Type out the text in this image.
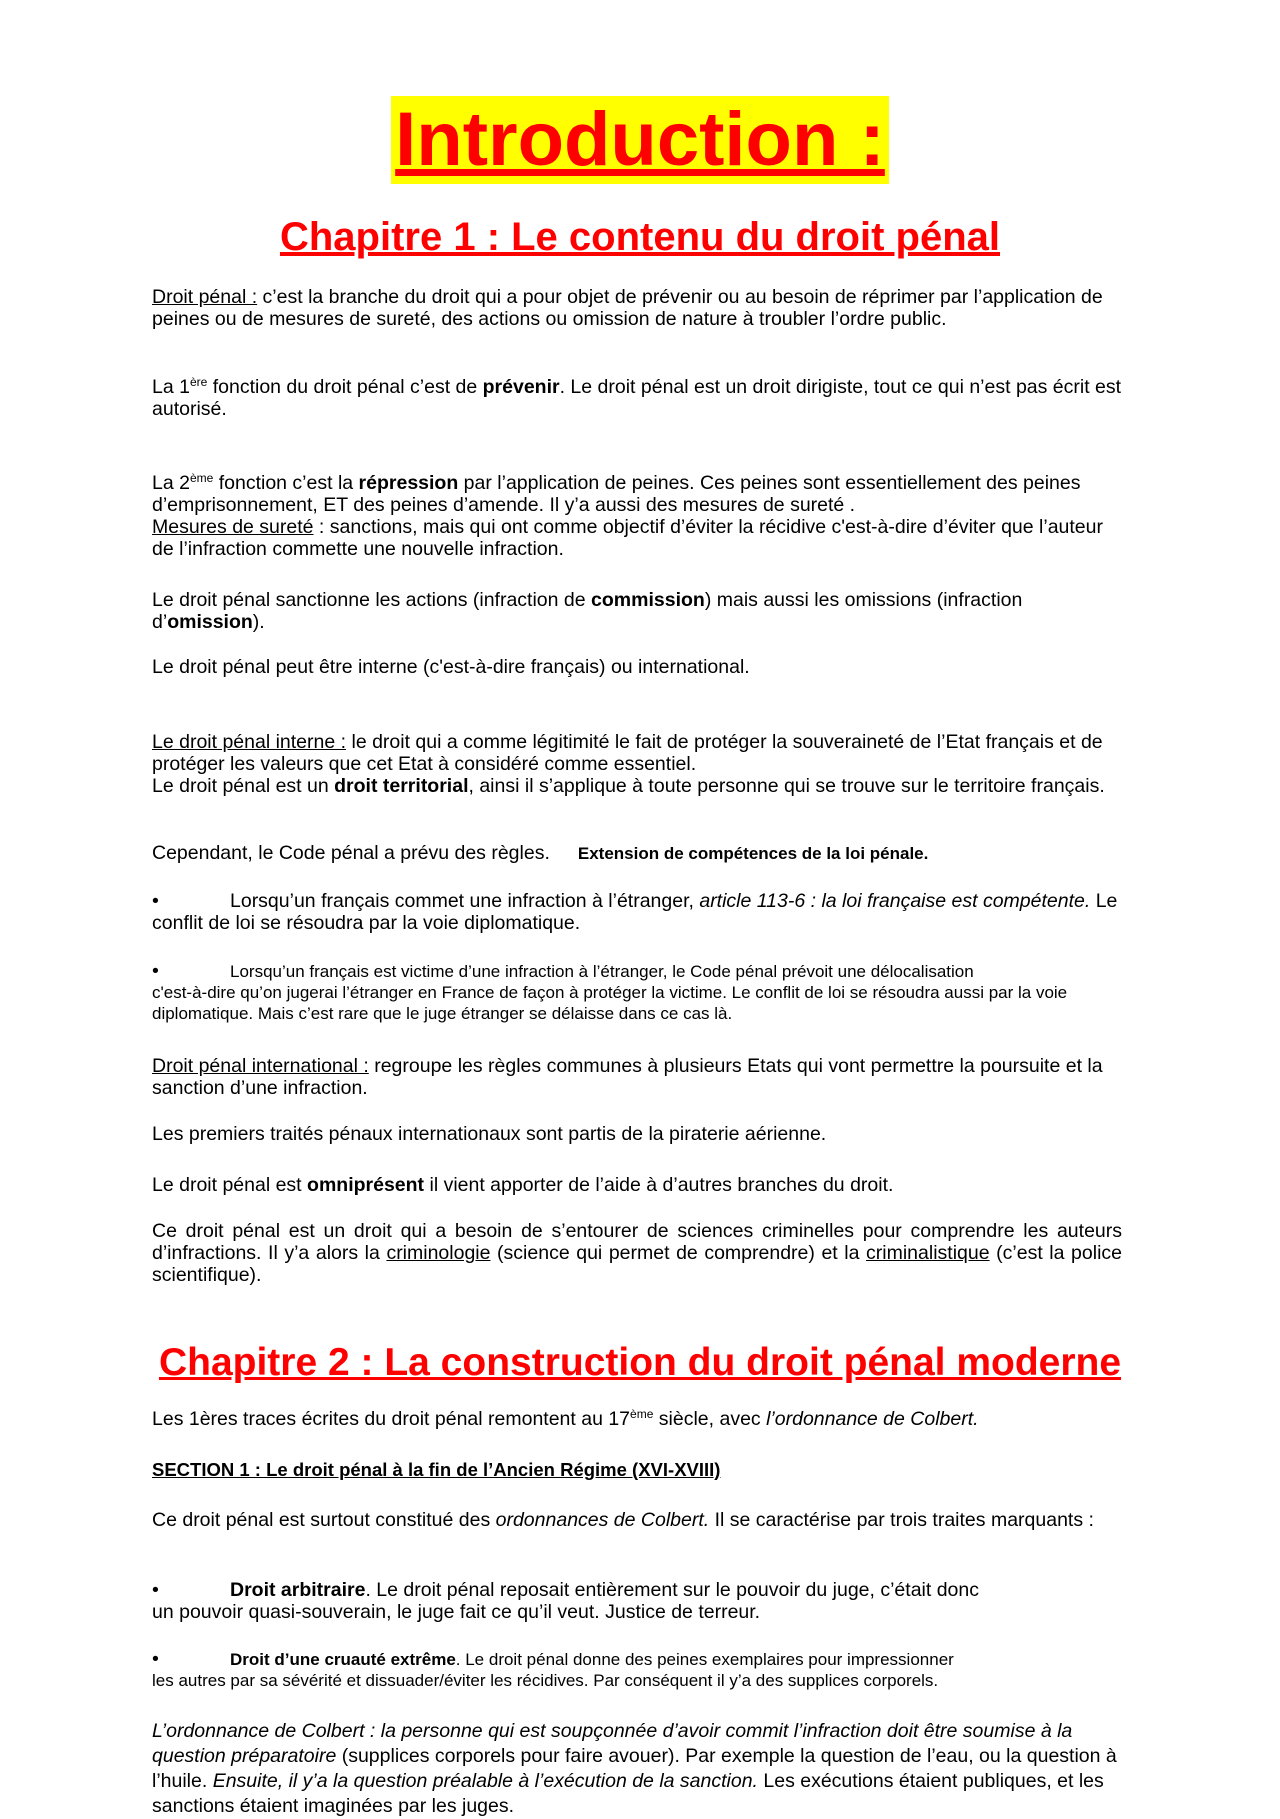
Introduction :
Chapitre 1 : Le contenu du droit pénal
Droit pénal : c’est la branche du droit qui a pour objet de prévenir ou au besoin de réprimer par l’application de peines ou de mesures de sureté, des actions ou omission de nature à troubler l’ordre public.
La 1ère fonction du droit pénal c’est de prévenir. Le droit pénal est un droit dirigiste, tout ce qui n’est pas écrit est autorisé.
La 2ème fonction c’est la répression par l’application de peines. Ces peines sont essentiellement des peines d’emprisonnement, ET des peines d’amende. Il y’a aussi des mesures de sureté .
Mesures de sureté : sanctions, mais qui ont comme objectif d’éviter la récidive c'est-à-dire d’éviter que l’auteur de l’infraction commette une nouvelle infraction.
Le droit pénal sanctionne les actions (infraction de commission) mais aussi les omissions (infraction d’omission).
Le droit pénal peut être interne (c'est-à-dire français) ou international.
Le droit pénal interne : le droit qui a comme légitimité le fait de protéger la souveraineté de l’Etat français et de protéger les valeurs que cet Etat à considéré comme essentiel.
Le droit pénal est un droit territorial, ainsi il s’applique à toute personne qui se trouve sur le territoire français.
Cependant, le Code pénal a prévu des règles. Extension de compétences de la loi pénale.
•	Lorsqu’un français commet une infraction à l’étranger, article 113-6 : la loi française est compétente. Le conflit de loi se résoudra par la voie diplomatique.
•	Lorsqu’un français est victime d’une infraction à l’étranger, le Code pénal prévoit une délocalisation
c'est-à-dire qu’on jugerai l’étranger en France de façon à protéger la victime. Le conflit de loi se résoudra aussi par la voie diplomatique. Mais c’est rare que le juge étranger se délaisse dans ce cas là.
Droit pénal international : regroupe les règles communes à plusieurs Etats qui vont permettre la poursuite et la sanction d’une infraction.
Les premiers traités pénaux internationaux sont partis de la piraterie aérienne.
Le droit pénal est omniprésent il vient apporter de l’aide à d’autres branches du droit.
Ce droit pénal est un droit qui a besoin de s’entourer de sciences criminelles pour comprendre les auteurs d’infractions. Il y’a alors la criminologie (science qui permet de comprendre) et la criminalistique (c’est la police scientifique).
Chapitre 2 : La construction du droit pénal moderne
Les 1ères traces écrites du droit pénal remontent au 17ème siècle, avec l’ordonnance de Colbert.
SECTION 1 : Le droit pénal à la fin de l’Ancien Régime (XVI-XVIII)
Ce droit pénal est surtout constitué des ordonnances de Colbert. Il se caractérise par trois traites marquants :
•	Droit arbitraire. Le droit pénal reposait entièrement sur le pouvoir du juge, c’était donc
un pouvoir quasi-souverain, le juge fait ce qu’il veut. Justice de terreur.
•	Droit d’une cruauté extrême. Le droit pénal donne des peines exemplaires pour impressionner
les autres par sa sévérité et dissuader/éviter les récidives. Par conséquent il y’a des supplices corporels.
L’ordonnance de Colbert : la personne qui est soupçonnée d’avoir commit l’infraction doit être soumise à la question préparatoire (supplices corporels pour faire avouer). Par exemple la question de l’eau, ou la question à l’huile. Ensuite, il y’a la question préalable à l’exécution de la sanction. Les exécutions étaient publiques, et les sanctions étaient imaginées par les juges.
